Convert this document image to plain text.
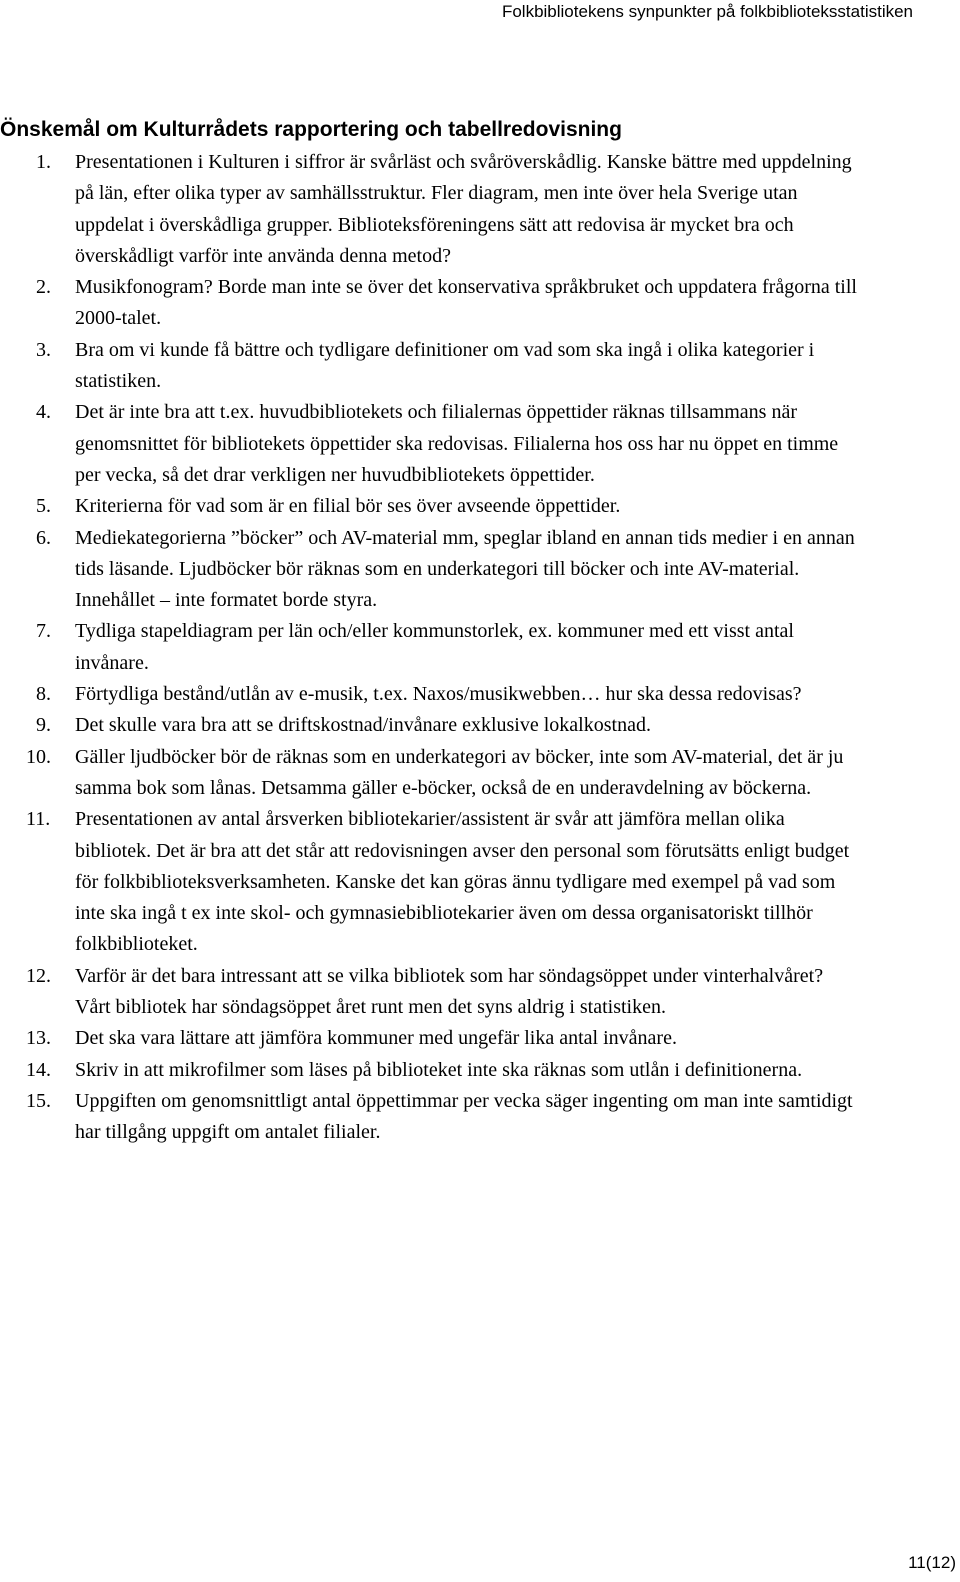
Folkbibliotekens synpunkter på folkbiblioteksstatistiken
Önskemål om Kulturrådets rapportering och tabellredovisning
1. Presentationen i Kulturen i siffror är svårläst och svåröverskådlig. Kanske bättre med uppdelning på län, efter olika typer av samhällsstruktur. Fler diagram, men inte över hela Sverige utan uppdelat i överskådliga grupper. Biblioteksföreningens sätt att redovisa är mycket bra och överskådligt varför inte använda denna metod?
2. Musikfonogram? Borde man inte se över det konservativa språkbruket och uppdatera frågorna till 2000-talet.
3. Bra om vi kunde få bättre och tydligare definitioner om vad som ska ingå i olika kategorier i statistiken.
4. Det är inte bra att t.ex. huvudbibliotekets och filialernas öppettider räknas tillsammans när genomsnittet för bibliotekets öppettider ska redovisas. Filialerna hos oss har nu öppet en timme per vecka, så det drar verkligen ner huvudbibliotekets öppettider.
5. Kriterierna för vad som är en filial bör ses över avseende öppettider.
6. Mediekategorierna ”böcker” och AV-material mm, speglar ibland en annan tids medier i en annan tids läsande. Ljudböcker bör räknas som en underkategori till böcker och inte AV-material. Innehållet – inte formatet borde styra.
7. Tydliga stapeldiagram per län och/eller kommunstorlek, ex. kommuner med ett visst antal invånare.
8. Förtydliga bestånd/utlån av e-musik, t.ex. Naxos/musikwebben… hur ska dessa redovisas?
9. Det skulle vara bra att se driftskostnad/invånare exklusive lokalkostnad.
10. Gäller ljudböcker bör de räknas som en underkategori av böcker, inte som AV-material, det är ju samma bok som lånas. Detsamma gäller e-böcker, också de en underavdelning av böckerna.
11. Presentationen av antal årsverken bibliotekarier/assistent är svår att jämföra mellan olika bibliotek. Det är bra att det står att redovisningen avser den personal som förutsätts enligt budget för folkbiblioteksverksamheten. Kanske det kan göras ännu tydligare med exempel på vad som inte ska ingå t ex inte skol- och gymnasiebibliotekarier även om dessa organisatoriskt tillhör folkbiblioteket.
12. Varför är det bara intressant att se vilka bibliotek som har söndagsöppet under vinterhalvåret? Vårt bibliotek har söndagsöppet året runt men det syns aldrig i statistiken.
13. Det ska vara lättare att jämföra kommuner med ungefär lika antal invånare.
14. Skriv in att mikrofilmer som läses på biblioteket inte ska räknas som utlån i definitionerna.
15. Uppgiften om genomsnittligt antal öppettimmar per vecka säger ingenting om man inte samtidigt har tillgång uppgift om antalet filialer.
11(12)
